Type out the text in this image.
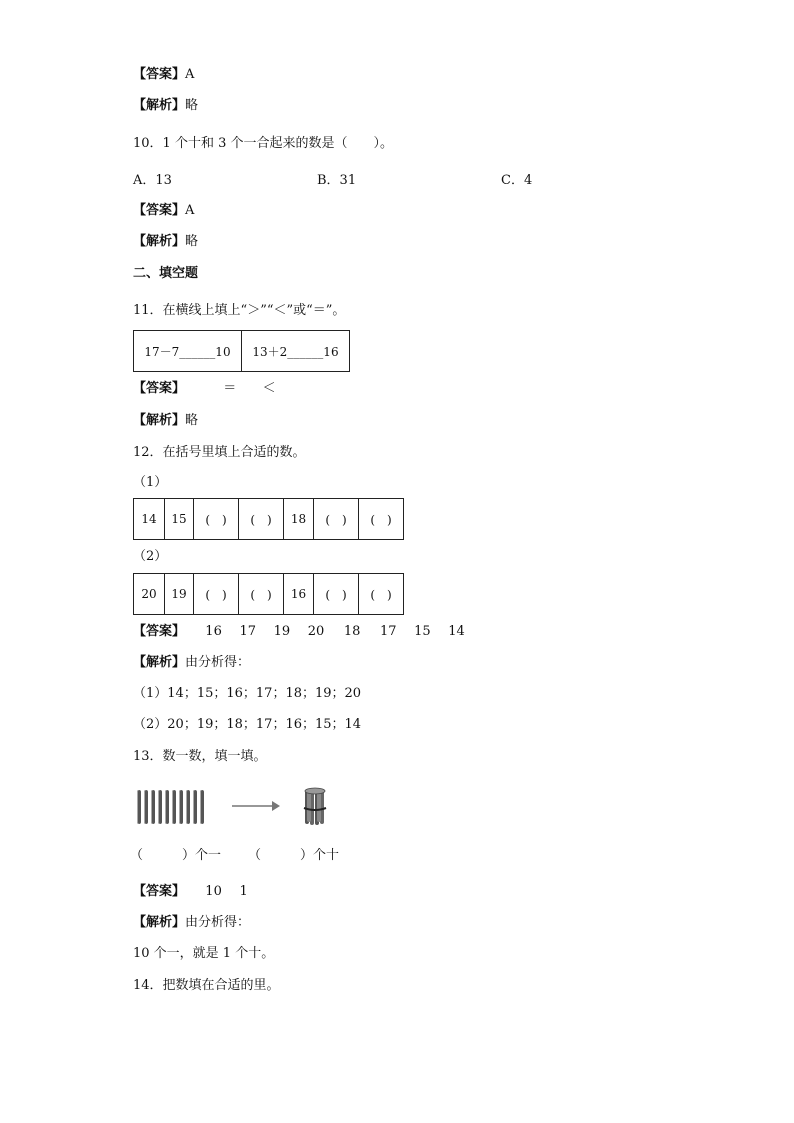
【答案】A
【解析】略
10．1 个十和 3 个一合起来的数是（　　）。
A．13	B．31	C．4
【答案】A
【解析】略
二、填空题
11．在横线上填上“＞”“＜”或“＝”。
17－7______10	13＋2______16
【答案】	＝ ＜
【解析】略
12．在括号里填上合适的数。
（1）
14	15	(　)	(　)	18	(　)	(　)
（2）
20	19	(　)	(　)	16	(　)	(　)
【答案】 16 17 19 20 18 17 15 14
【解析】由分析得：
（1）14；15；16；17；18；19；20
（2）20；19；18；17；16；15；14
13．数一数，填一填。
（　　　）个一 （　　　）个十
【答案】 10 1
【解析】由分析得：
10 个一，就是 1 个十。
14．把数填在合适的里。
